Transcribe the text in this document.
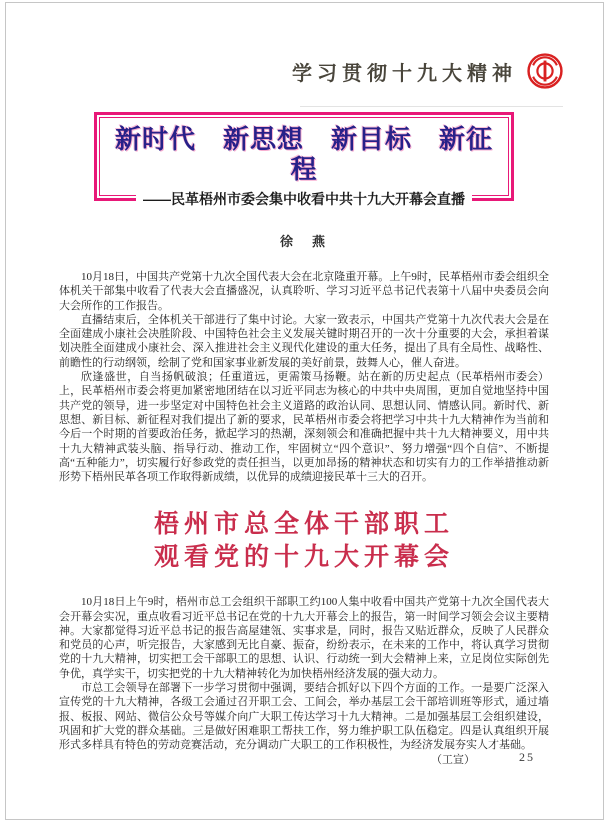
学习贯彻十九大精神
新时代　新思想　新目标　新征程
——民革梧州市委会集中收看中共十九大开幕会直播
徐　燕

10月18日，中国共产党第十九次全国代表大会在北京隆重开幕。上午9时，民革梧州市委会组织全体机关干部集中收看了代表大会直播盛况，认真聆听、学习习近平总书记代表第十八届中央委员会向大会所作的工作报告。

直播结束后，全体机关干部进行了集中讨论。大家一致表示，中国共产党第十九次代表大会是在全面建成小康社会决胜阶段、中国特色社会主义发展关键时期召开的一次十分重要的大会，承担着谋划决胜全面建成小康社会、深入推进社会主义现代化建设的重大任务，提出了具有全局性、战略性、前瞻性的行动纲领，绘制了党和国家事业新发展的美好前景，鼓舞人心，催人奋进。

（民革梧州市委会）
欣逢盛世，自当扬帆破浪；任重道远，更需策马扬鞭。站在新的历史起点上，民革梧州市委会将更加紧密地团结在以习近平同志为核心的中共中央周围，更加自觉地坚持中国共产党的领导，进一步坚定对中国特色社会主义道路的政治认同、思想认同、情感认同。新时代、新思想、新目标、新征程对我们提出了新的要求，民革梧州市委会将把学习中共十九大精神作为当前和今后一个时期的首要政治任务，掀起学习的热潮，深刻领会和准确把握中共十九大精神要义，用中共十九大精神武装头脑、指导行动、推动工作，牢固树立“四个意识”、努力增强“四个自信”、不断提高“五种能力”，切实履行好参政党的责任担当，以更加昂扬的精神状态和切实有力的工作举措推动新形势下梧州民革各项工作取得新成绩，以优异的成绩迎接民革十三大的召开。

梧州市总全体干部职工
观看党的十九大开幕会

10月18日上午9时，梧州市总工会组织干部职工约100人集中收看中国共产党第十九次全国代表大会开幕会实况，重点收看习近平总书记在党的十九大开幕会上的报告，第一时间学习领会会议主要精神。大家都觉得习近平总书记的报告高屋建瓴、实事求是，同时，报告又贴近群众，反映了人民群众和党员的心声，听完报告，大家感到无比自豪、振奋，纷纷表示，在未来的工作中，将认真学习贯彻党的十九大精神，切实把工会干部职工的思想、认识、行动统一到大会精神上来，立足岗位实际创先争优，真学实干，切实把党的十九大精神转化为加快梧州经济发展的强大动力。

市总工会领导在部署下一步学习贯彻中强调，要结合抓好以下四个方面的工作。一是要广泛深入宣传党的十九大精神，各级工会通过召开职工会、工间会，举办基层工会干部培训班等形式，通过墙报、板报、网站、微信公众号等媒介向广大职工传达学习十九大精神。二是加强基层工会组织建设，巩固和扩大党的群众基础。三是做好困难职工帮扶工作，努力维护职工队伍稳定。四是认真组织开展形式多样具有特色的劳动竞赛活动，充分调动广大职工的工作积极性，为经济发展夯实人才基础。

（工宣）	25
